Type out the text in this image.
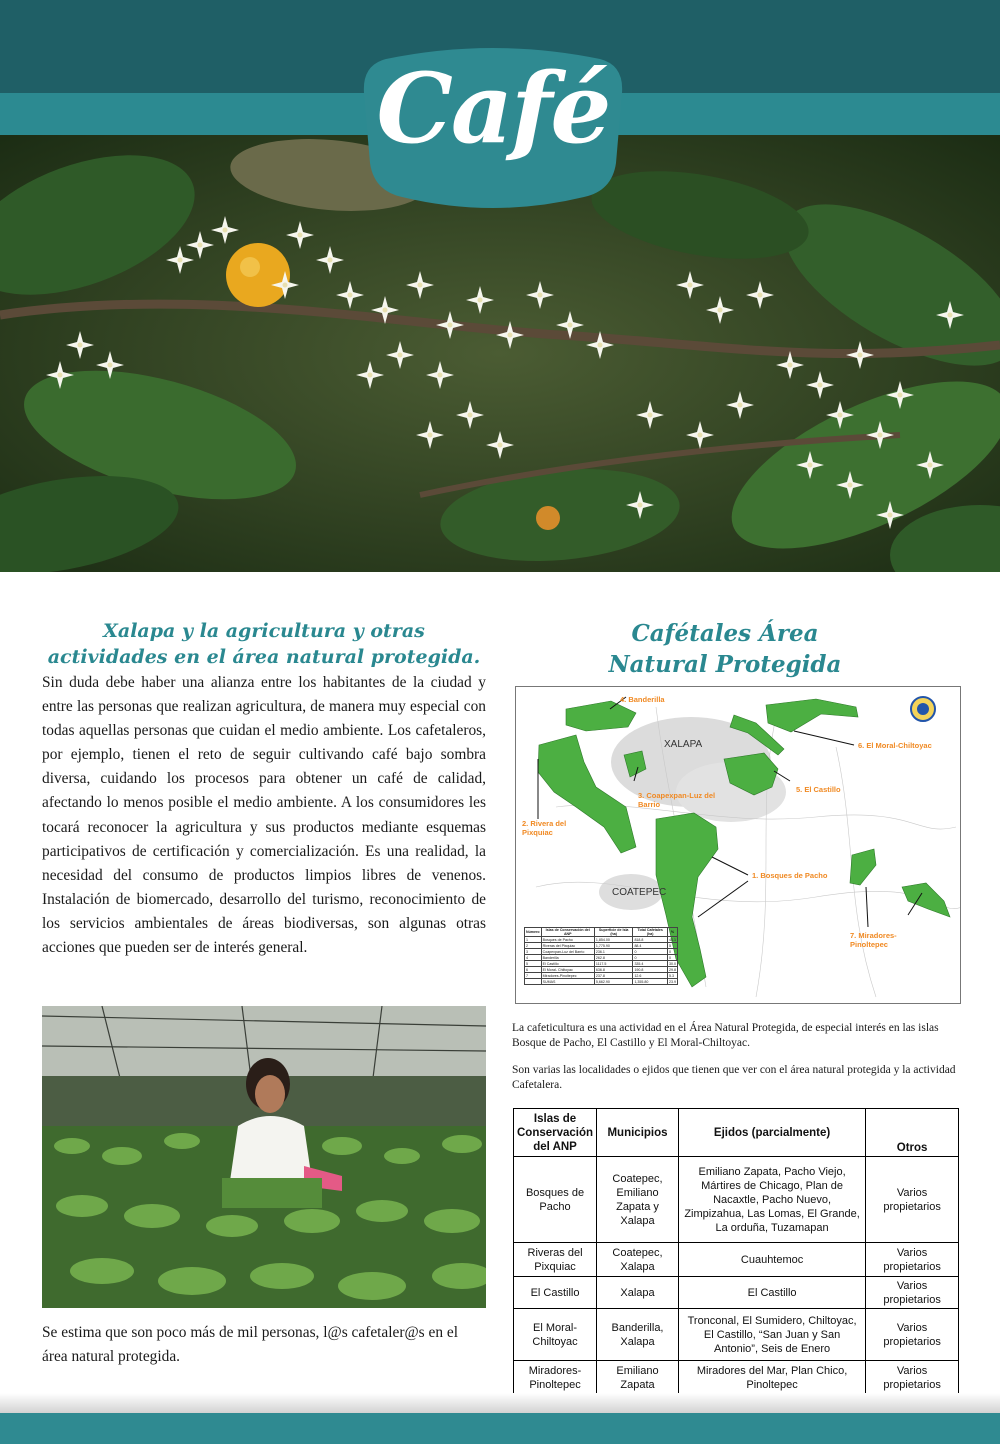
Café
Xalapa y la agricultura y otras actividades en el área natural protegida.

Sin duda debe haber una alianza entre los habitantes de la ciudad y entre las personas que realizan agricultura, de manera muy especial con todas aquellas personas que cuidan el medio ambiente. Los cafetaleros, por ejemplo, tienen el reto de seguir cultivando café bajo sombra diversa, cuidando los procesos para obtener un café de calidad, afectando lo menos posible el medio ambiente. A los consumidores les tocará reconocer la agricultura y sus productos mediante esquemas participativos de certificación y comercialización. Es una realidad, la necesidad del consumo de productos limpios libres de venenos. Instalación de biomercado, desarrollo del turismo, reconocimiento de los servicios ambientales de áreas biodiversas, son algunas otras acciones que pueden ser de interés general.

Se estima que son poco más de mil personas, l@s cafetaler@s en el área natural protegida.

Cafétales Área Natural Protegida
XALAPA
COATEPEC
4. Banderilla
6. El Moral-Chiltoyac
5. El Castillo
3. Coapexpan-Luz del Barrio
2. Rivera del Pixquiac
1. Bosques de Pacho
7. Miradores-Pinoltepec
Número	Islas de Conservación del ANP	Superficie de Isla (ha)	Total Cafetales (ha)	%
1	Bosques de Pacho	1,854.00	818.8	44.1
2	Riveras del Pixquiac	1,775.90	88.4	5
3	Coapexpan-Luz del Barrio	236.1	0	0
4	Banderilla	262.8	0	0
5	El Castillo	1117.5	335.4	30.0
6	El Moral- Chiltoyac	636.8	190.8	29.8
7	Miradores-Pinoltepec	237.8	12.6	5.3
	SUMAS	5,662.90	1,355.80	23.9

La cafeticultura es una actividad en el Área Natural Protegida, de especial interés en las islas Bosque de Pacho, El Castillo y El Moral-Chiltoyac.

Son varias las localidades o ejidos que tienen que ver con el área natural protegida y la actividad Cafetalera.

Islas de Conservación del ANP	Municipios	Ejidos (parcialmente)	Otros
Bosques de Pacho	Coatepec, Emiliano Zapata y Xalapa	Emiliano Zapata, Pacho Viejo, Mártires de Chicago, Plan de Nacaxtle, Pacho Nuevo, Zimpizahua, Las Lomas, El Grande, La orduña, Tuzamapan	Varios propietarios
Riveras del Pixquiac	Coatepec, Xalapa	Cuauhtemoc	Varios propietarios
El Castillo	Xalapa	El Castillo	Varios propietarios
El Moral-Chiltoyac	Banderilla, Xalapa	Tronconal, El Sumidero, Chiltoyac, El Castillo, “San Juan y San Antonio”, Seis de Enero	Varios propietarios
Miradores-Pinoltepec	Emiliano Zapata	Miradores del Mar, Plan Chico, Pinoltepec	Varios propietarios
